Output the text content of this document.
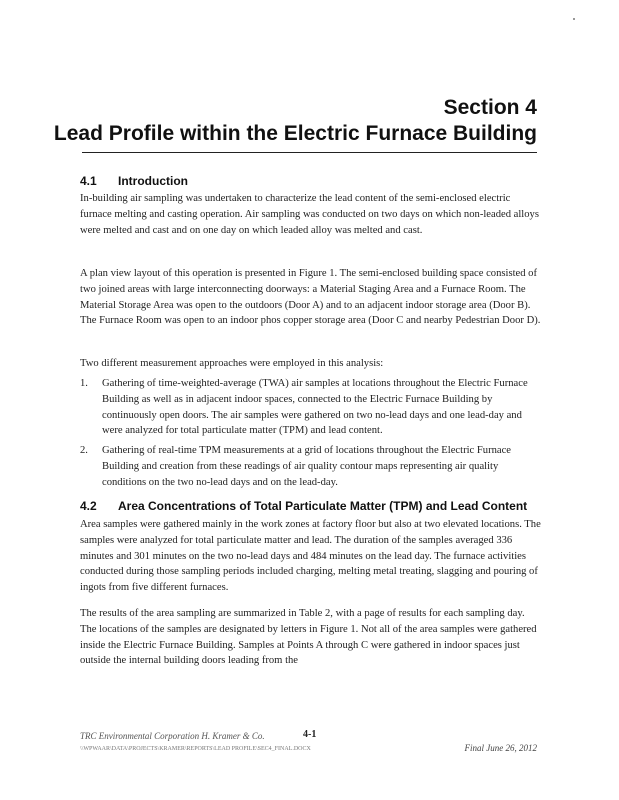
Section 4
Lead Profile within the Electric Furnace Building
4.1 Introduction

In-building air sampling was undertaken to characterize the lead content of the semi-enclosed electric furnace melting and casting operation. Air sampling was conducted on two days on which non-leaded alloys were melted and cast and on one day on which leaded alloy was melted and cast.

A plan view layout of this operation is presented in Figure 1. The semi-enclosed building space consisted of two joined areas with large interconnecting doorways: a Material Staging Area and a Furnace Room. The Material Storage Area was open to the outdoors (Door A) and to an adjacent indoor storage area (Door B). The Furnace Room was open to an indoor phos copper storage area (Door C and nearby Pedestrian Door D).

Two different measurement approaches were employed in this analysis:

1. Gathering of time-weighted-average (TWA) air samples at locations throughout the Electric Furnace Building as well as in adjacent indoor spaces, connected to the Electric Furnace Building by continuously open doors. The air samples were gathered on two no-lead days and one lead-day and were analyzed for total particulate matter (TPM) and lead content.
2. Gathering of real-time TPM measurements at a grid of locations throughout the Electric Furnace Building and creation from these readings of air quality contour maps representing air quality conditions on the two no-lead days and on the lead-day.
4.2 Area Concentrations of Total Particulate Matter (TPM) and Lead Content

Area samples were gathered mainly in the work zones at factory floor but also at two elevated locations. The samples were analyzed for total particulate matter and lead. The duration of the samples averaged 336 minutes and 301 minutes on the two no-lead days and 484 minutes on the lead day. The furnace activities conducted during those sampling periods included charging, melting metal treating, slagging and pouring of ingots from five different furnaces.

The results of the area sampling are summarized in Table 2, with a page of results for each sampling day. The locations of the samples are designated by letters in Figure 1. Not all of the area samples were gathered inside the Electric Furnace Building. Samples at Points A through C were gathered in indoor spaces just outside the internal building doors leading from the

TRC Environmental Corporation H. Kramer & Co.	4-1
\\WPWAAR\DATA\PROJECTS\KRAMER\REPORTS\LEAD PROFILE\SEC4_FINAL.DOCX	Final June 26, 2012
